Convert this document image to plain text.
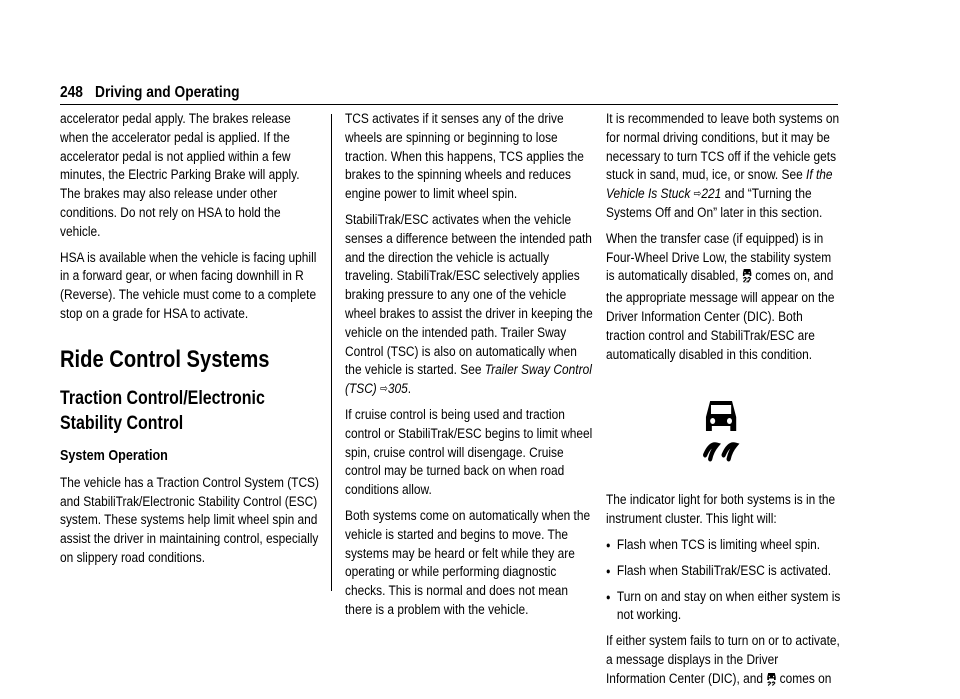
248 Driving and Operating

accelerator pedal apply. The brakes release when the accelerator pedal is applied. If the accelerator pedal is not applied within a few minutes, the Electric Parking Brake will apply. The brakes may also release under other conditions. Do not rely on HSA to hold the vehicle.

HSA is available when the vehicle is facing uphill in a forward gear, or when facing downhill in R (Reverse). The vehicle must come to a complete stop on a grade for HSA to activate.

Ride Control Systems
Traction Control/Electronic Stability Control
System Operation

The vehicle has a Traction Control System (TCS) and StabiliTrak/Electronic Stability Control (ESC) system. These systems help limit wheel spin and assist the driver in maintaining control, especially on slippery road conditions.

TCS activates if it senses any of the drive wheels are spinning or beginning to lose traction. When this happens, TCS applies the brakes to the spinning wheels and reduces engine power to limit wheel spin.

StabiliTrak/ESC activates when the vehicle senses a difference between the intended path and the direction the vehicle is actually traveling. StabiliTrak/ESC selectively applies braking pressure to any one of the vehicle wheel brakes to assist the driver in keeping the vehicle on the intended path. Trailer Sway Control (TSC) is also on automatically when the vehicle is started. See Trailer Sway Control (TSC) ⇨305.

If cruise control is being used and traction control or StabiliTrak/ESC begins to limit wheel spin, cruise control will disengage. Cruise control may be turned back on when road conditions allow.

Both systems come on automatically when the vehicle is started and begins to move. The systems may be heard or felt while they are operating or while performing diagnostic checks. This is normal and does not mean there is a problem with the vehicle.

It is recommended to leave both systems on for normal driving conditions, but it may be necessary to turn TCS off if the vehicle gets stuck in sand, mud, ice, or snow. See If the Vehicle Is Stuck ⇨221 and “Turning the Systems Off and On” later in this section.

When the transfer case (if equipped) is in Four-Wheel Drive Low, the stability system is automatically disabled, OFF comes on, and the appropriate message will appear on the Driver Information Center (DIC). Both traction control and StabiliTrak/ESC are automatically disabled in this condition.

The indicator light for both systems is in the instrument cluster. This light will:

● Flash when TCS is limiting wheel spin.
● Flash when StabiliTrak/ESC is activated.
● Turn on and stay on when either system is not working.

If either system fails to turn on or to activate, a message displays in the Driver Information Center (DIC), and  comes on
